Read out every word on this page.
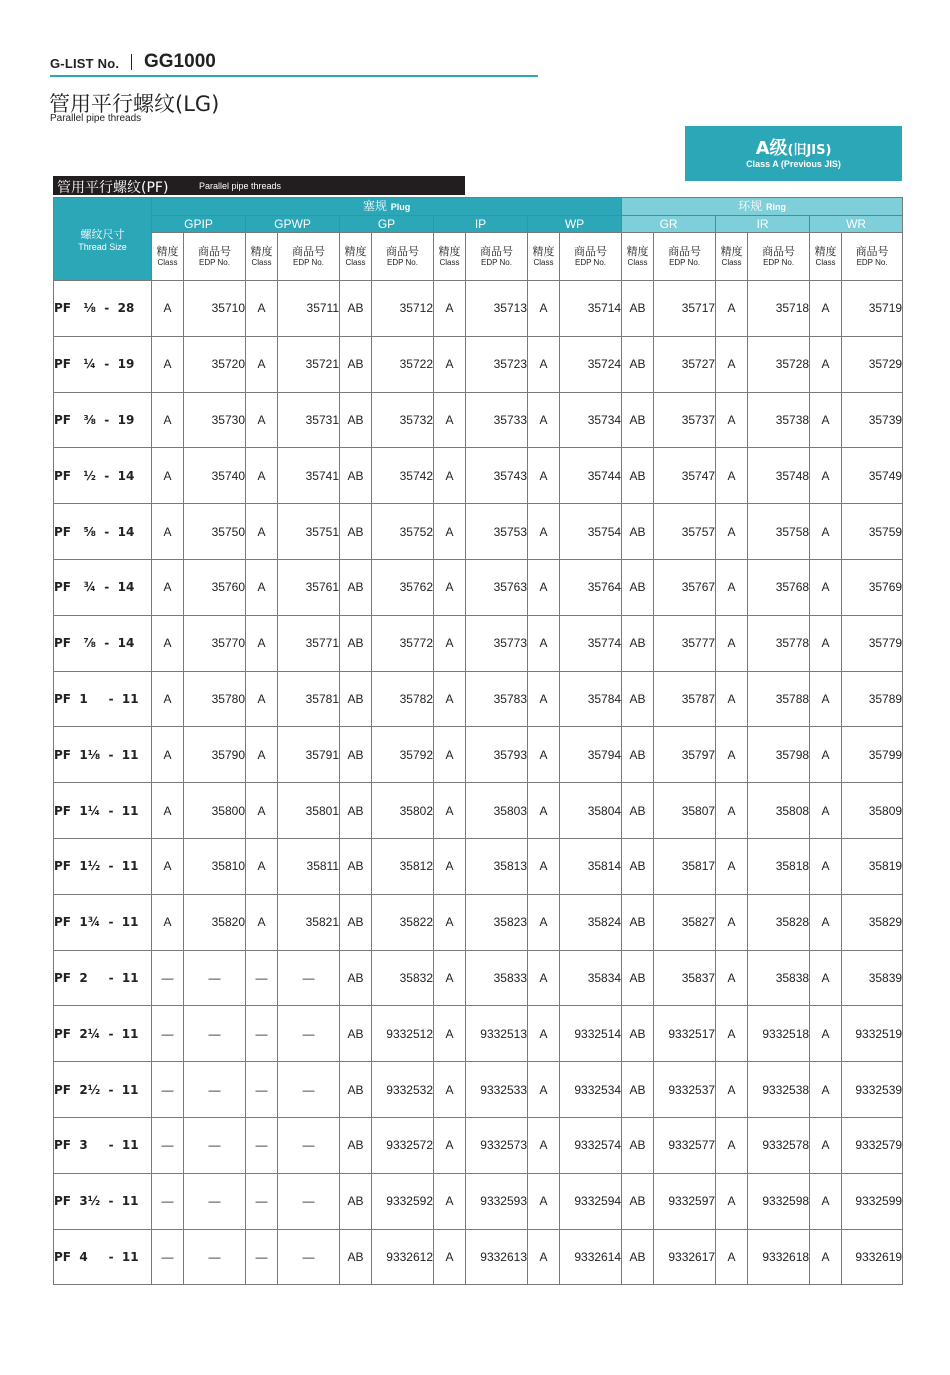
G-LIST No. GG1000
管用平行螺纹(LG)
Parallel pipe threads
A级(旧JIS)
Class A (Previous JIS)
管用平行螺纹(PF)	Parallel pipe threads
螺纹尺寸
Thread Size	塞规 Plug										环规 Ring					
	GPIP		GPWP		GP		IP		WP		GR		IR		WR	

	精度
Class	商品号
EDP No.	精度
Class	商品号
EDP No.	精度
Class	商品号
EDP No.	精度
Class	商品号
EDP No.	精度
Class	商品号
EDP No.	精度
Class	商品号
EDP No.	精度
Class	商品号
EDP No.	精度
Class	商品号
EDP No.

PF   ⅛  -  28	A	35710	A	35711	AB	35712	A	35713	A	35714	AB	35717	A	35718	A	35719
PF   ¼  -  19	A	35720	A	35721	AB	35722	A	35723	A	35724	AB	35727	A	35728	A	35729
PF   ⅜  -  19	A	35730	A	35731	AB	35732	A	35733	A	35734	AB	35737	A	35738	A	35739
PF   ½  -  14	A	35740	A	35741	AB	35742	A	35743	A	35744	AB	35747	A	35748	A	35749
PF   ⅝  -  14	A	35750	A	35751	AB	35752	A	35753	A	35754	AB	35757	A	35758	A	35759
PF   ¾  -  14	A	35760	A	35761	AB	35762	A	35763	A	35764	AB	35767	A	35768	A	35769
PF   ⅞  -  14	A	35770	A	35771	AB	35772	A	35773	A	35774	AB	35777	A	35778	A	35779
PF  1     -  11	A	35780	A	35781	AB	35782	A	35783	A	35784	AB	35787	A	35788	A	35789
PF  1⅛  -  11	A	35790	A	35791	AB	35792	A	35793	A	35794	AB	35797	A	35798	A	35799
PF  1¼  -  11	A	35800	A	35801	AB	35802	A	35803	A	35804	AB	35807	A	35808	A	35809
PF  1½  -  11	A	35810	A	35811	AB	35812	A	35813	A	35814	AB	35817	A	35818	A	35819
PF  1¾  -  11	A	35820	A	35821	AB	35822	A	35823	A	35824	AB	35827	A	35828	A	35829
PF  2     -  11	—	—	—	—	AB	35832	A	35833	A	35834	AB	35837	A	35838	A	35839
PF  2¼  -  11	—	—	—	—	AB	9332512	A	9332513	A	9332514	AB	9332517	A	9332518	A	9332519
PF  2½  -  11	—	—	—	—	AB	9332532	A	9332533	A	9332534	AB	9332537	A	9332538	A	9332539
PF  3     -  11	—	—	—	—	AB	9332572	A	9332573	A	9332574	AB	9332577	A	9332578	A	9332579
PF  3½  -  11	—	—	—	—	AB	9332592	A	9332593	A	9332594	AB	9332597	A	9332598	A	9332599
PF  4     -  11	—	—	—	—	AB	9332612	A	9332613	A	9332614	AB	9332617	A	9332618	A	9332619
